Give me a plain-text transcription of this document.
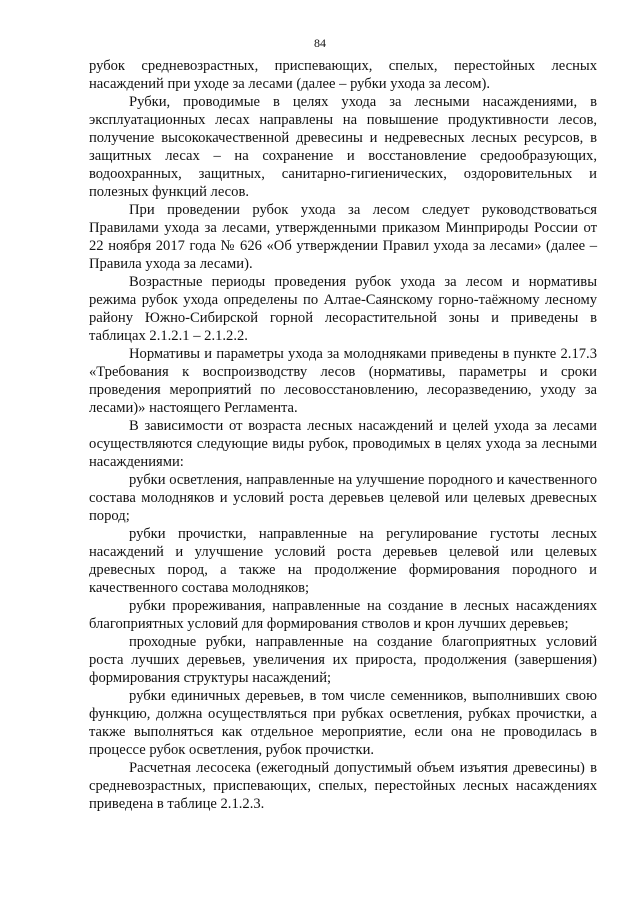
84

рубок средневозрастных, приспевающих, спелых, перестойных лесных насаждений при уходе за лесами (далее – рубки ухода за лесом).

Рубки, проводимые в целях ухода за лесными насаждениями, в эксплуатационных лесах направлены на повышение продуктивности лесов, получение высококачественной древесины и недревесных лесных ресурсов, в защитных лесах – на сохранение и восстановление средообразующих, водоохранных, защитных, санитарно-гигиенических, оздоровительных и полезных функций лесов.

При проведении рубок ухода за лесом следует руководствоваться Правилами ухода за лесами, утвержденными приказом Минприроды России от 22 ноября 2017 года № 626 «Об утверждении Правил ухода за лесами» (далее – Правила ухода за лесами).

Возрастные периоды проведения рубок ухода за лесом и нормативы режима рубок ухода определены по Алтае-Саянскому горно-таёжному лесному району Южно-Сибирской горной лесорастительной зоны и приведены в таблицах 2.1.2.1 – 2.1.2.2.

Нормативы и параметры ухода за молодняками приведены в пункте 2.17.3 «Требования к воспроизводству лесов (нормативы, параметры и сроки проведения мероприятий по лесовосстановлению, лесоразведению, уходу за лесами)» настоящего Регламента.

В зависимости от возраста лесных насаждений и целей ухода за лесами осуществляются следующие виды рубок, проводимых в целях ухода за лесными насаждениями:

рубки осветления, направленные на улучшение породного и качественного состава молодняков и условий роста деревьев целевой или целевых древесных пород;

рубки прочистки, направленные на регулирование густоты лесных насаждений и улучшение условий роста деревьев целевой или целевых древесных пород, а также на продолжение формирования породного и качественного состава молодняков;

рубки прореживания, направленные на создание в лесных насаждениях благоприятных условий для формирования стволов и крон лучших деревьев;

проходные рубки, направленные на создание благоприятных условий роста лучших деревьев, увеличения их прироста, продолжения (завершения) формирования структуры насаждений;

рубки единичных деревьев, в том числе семенников, выполнивших свою функцию, должна осуществляться при рубках осветления, рубках прочистки, а также выполняться как отдельное мероприятие, если она не проводилась в процессе рубок осветления, рубок прочистки.

Расчетная лесосека (ежегодный допустимый объем изъятия древесины) в средневозрастных, приспевающих, спелых, перестойных лесных насаждениях приведена в таблице 2.1.2.3.
